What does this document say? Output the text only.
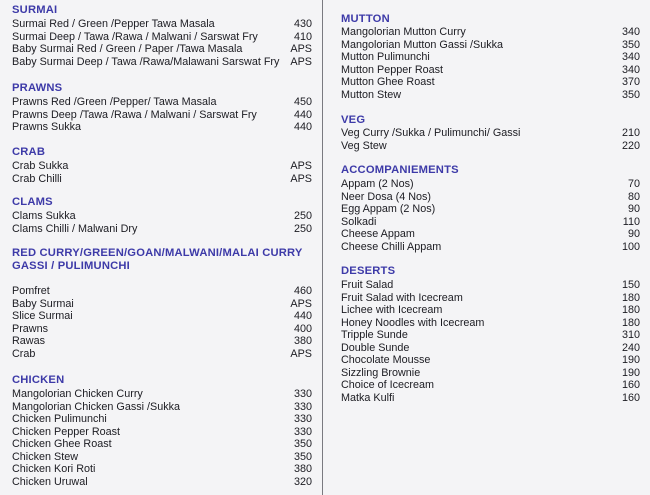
SURMAI
Surmai Red / Green /Pepper Tawa Masala	430
Surmai Deep / Tawa /Rawa / Malwani / Sarswat Fry	410
Baby Surmai Red / Green / Paper /Tawa Masala	APS
Baby Surmai Deep / Tawa /Rawa/Malawani Sarswat Fry APS
PRAWNS
Prawns Red /Green /Pepper/ Tawa Masala	450
Prawns Deep /Tawa /Rawa / Malwani / Sarswat Fry	440
Prawns Sukka	440
CRAB
Crab Sukka	APS
Crab Chilli	APS
CLAMS
Clams Sukka	250
Clams Chilli / Malwani Dry	250
RED CURRY/GREEN/GOAN/MALWANI/MALAI CURRY
GASSI / PULIMUNCHI
Pomfret	460
Baby Surmai	APS
Slice Surmai	440
Prawns	400
Rawas	380
Crab	APS
CHICKEN
Mangolorian Chicken Curry	330
Mangolorian Chicken Gassi /Sukka	330
Chicken Pulimunchi	330
Chicken Pepper Roast	330
Chicken Ghee Roast	350
Chicken Stew	350
Chicken Kori Roti	380
Chicken Uruwal	320
MUTTON
Mangolorian Mutton Curry	340
Mangolorian Mutton Gassi /Sukka	350
Mutton Pulimunchi	340
Mutton Pepper Roast	340
Mutton Ghee Roast	370
Mutton Stew	350
VEG
Veg Curry /Sukka / Pulimunchi/ Gassi	210
Veg Stew	220
ACCOMPANIEMENTS
Appam (2 Nos)	70
Neer Dosa (4 Nos)	80
Egg Appam (2 Nos)	90
Solkadi	110
Cheese Appam	90
Cheese Chilli Appam	100
DESERTS
Fruit Salad	150
Fruit Salad with Icecream	180
Lichee with Icecream	180
Honey Noodles with Icecream	180
Tripple Sunde	310
Double Sunde	240
Chocolate Mousse	190
Sizzling Brownie	190
Choice of Icecream	160
Matka Kulfi	160
